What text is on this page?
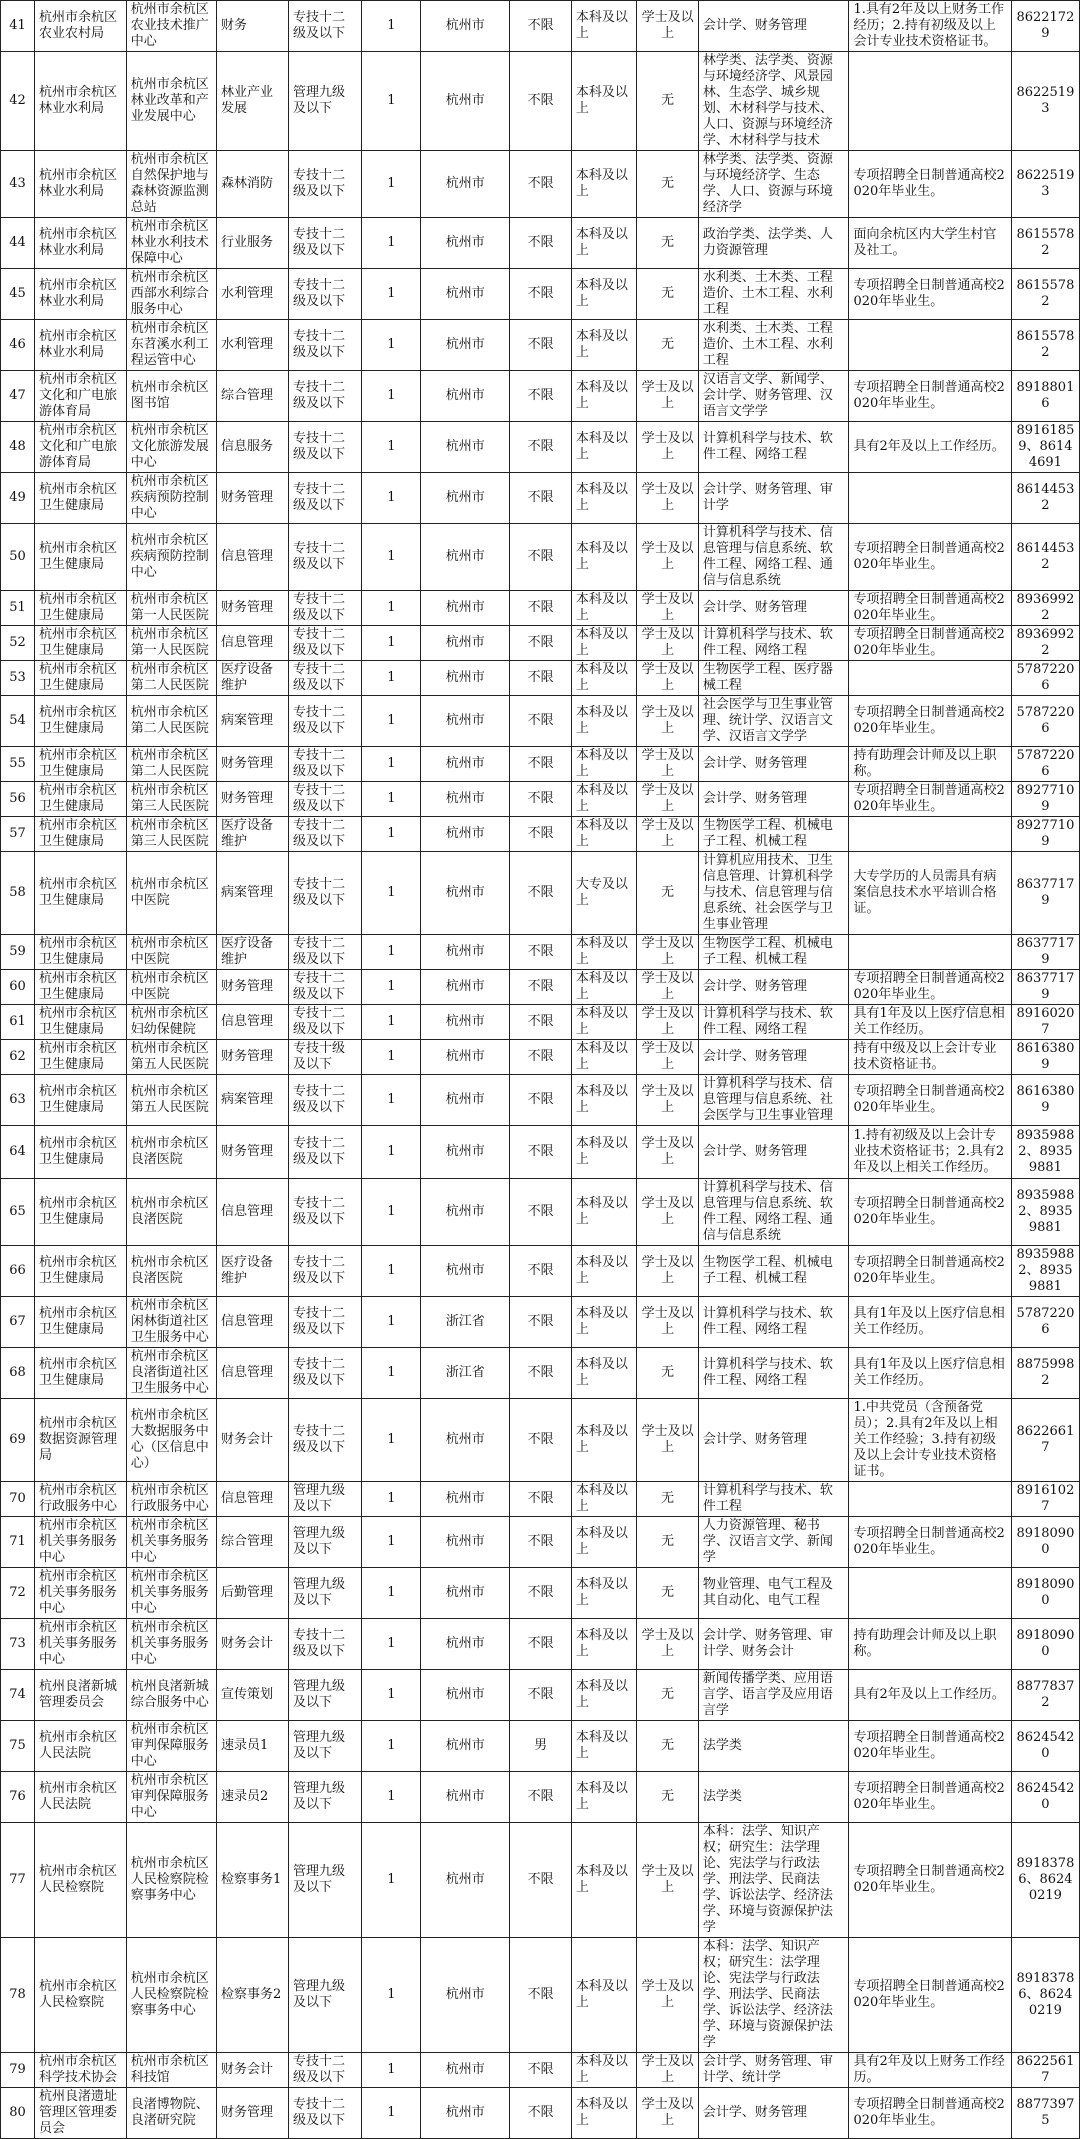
41	杭州市余杭区农业农村局	杭州市余杭区农业技术推广中心	财务	专技十二级及以下	1	杭州市	不限	本科及以上	学士及以上	会计学、财务管理	1.具有2年及以上财务工作经历；2.持有初级及以上会计专业技术资格证书。	86221729
42	杭州市余杭区林业水利局	杭州市余杭区林业改革和产业发展中心	林业产业发展	管理九级及以下	1	杭州市	不限	本科及以上	无	林学类、法学类、资源与环境经济学、风景园林、生态学、城乡规划、木材科学与技术、人口、资源与环境经济学、木材科学与技术		86225193
43	杭州市余杭区林业水利局	杭州市余杭区自然保护地与森林资源监测总站	森林消防	专技十二级及以下	1	杭州市	不限	本科及以上	无	林学类、法学类、资源与环境经济学、生态学、人口、资源与环境经济学	专项招聘全日制普通高校2020年毕业生。	86225193
44	杭州市余杭区林业水利局	杭州市余杭区林业水利技术保障中心	行业服务	专技十二级及以下	1	杭州市	不限	本科及以上	无	政治学类、法学类、人力资源管理	面向余杭区内大学生村官及社工。	86155782
45	杭州市余杭区林业水利局	杭州市余杭区西部水利综合服务中心	水利管理	专技十二级及以下	1	杭州市	不限	本科及以上	无	水利类、土木类、工程造价、土木工程、水利工程	专项招聘全日制普通高校2020年毕业生。	86155782
46	杭州市余杭区林业水利局	杭州市余杭区东苕溪水利工程运管中心	水利管理	专技十二级及以下	1	杭州市	不限	本科及以上	无	水利类、土木类、工程造价、土木工程、水利工程		86155782
47	杭州市余杭区文化和广电旅游体育局	杭州市余杭区图书馆	综合管理	专技十二级及以下	1	杭州市	不限	本科及以上	学士及以上	汉语言文学、新闻学、会计学、财务管理、汉语言文学学	专项招聘全日制普通高校2020年毕业生。	89188016
48	杭州市余杭区文化和广电旅游体育局	杭州市余杭区文化旅游发展中心	信息服务	专技十二级及以下	1	杭州市	不限	本科及以上	学士及以上	计算机科学与技术、软件工程、网络工程	具有2年及以上工作经历。	89161859、86144691
49	杭州市余杭区卫生健康局	杭州市余杭区疾病预防控制中心	财务管理	专技十二级及以下	1	杭州市	不限	本科及以上	学士及以上	会计学、财务管理、审计学		86144532
50	杭州市余杭区卫生健康局	杭州市余杭区疾病预防控制中心	信息管理	专技十二级及以下	1	杭州市	不限	本科及以上	学士及以上	计算机科学与技术、信息管理与信息系统、软件工程、网络工程、通信与信息系统	专项招聘全日制普通高校2020年毕业生。	86144532
51	杭州市余杭区卫生健康局	杭州市余杭区第一人民医院	财务管理	专技十二级及以下	1	杭州市	不限	本科及以上	学士及以上	会计学、财务管理	专项招聘全日制普通高校2020年毕业生。	89369922
52	杭州市余杭区卫生健康局	杭州市余杭区第一人民医院	信息管理	专技十二级及以下	1	杭州市	不限	本科及以上	学士及以上	计算机科学与技术、软件工程、网络工程	专项招聘全日制普通高校2020年毕业生。	89369922
53	杭州市余杭区卫生健康局	杭州市余杭区第二人民医院	医疗设备维护	专技十二级及以下	1	杭州市	不限	本科及以上	学士及以上	生物医学工程、医疗器械工程		57872206
54	杭州市余杭区卫生健康局	杭州市余杭区第二人民医院	病案管理	专技十二级及以下	1	杭州市	不限	本科及以上	学士及以上	社会医学与卫生事业管理、统计学、汉语言文学、汉语言文学学	专项招聘全日制普通高校2020年毕业生。	57872206
55	杭州市余杭区卫生健康局	杭州市余杭区第二人民医院	财务管理	专技十二级及以下	1	杭州市	不限	本科及以上	学士及以上	会计学、财务管理	持有助理会计师及以上职称。	57872206
56	杭州市余杭区卫生健康局	杭州市余杭区第三人民医院	财务管理	专技十二级及以下	1	杭州市	不限	本科及以上	学士及以上	会计学、财务管理	专项招聘全日制普通高校2020年毕业生。	89277109
57	杭州市余杭区卫生健康局	杭州市余杭区第三人民医院	医疗设备维护	专技十二级及以下	1	杭州市	不限	本科及以上	学士及以上	生物医学工程、机械电子工程、机械工程		89277109
58	杭州市余杭区卫生健康局	杭州市余杭区中医院	病案管理	专技十二级及以下	1	杭州市	不限	大专及以上	无	计算机应用技术、卫生信息管理、计算机科学与技术、信息管理与信息系统、社会医学与卫生事业管理	大专学历的人员需具有病案信息技术水平培训合格证。	86377179
59	杭州市余杭区卫生健康局	杭州市余杭区中医院	医疗设备维护	专技十二级及以下	1	杭州市	不限	本科及以上	学士及以上	生物医学工程、机械电子工程、机械工程		86377179
60	杭州市余杭区卫生健康局	杭州市余杭区中医院	财务管理	专技十二级及以下	1	杭州市	不限	本科及以上	学士及以上	会计学、财务管理	专项招聘全日制普通高校2020年毕业生。	86377179
61	杭州市余杭区卫生健康局	杭州市余杭区妇幼保健院	信息管理	专技十二级及以下	1	杭州市	不限	本科及以上	学士及以上	计算机科学与技术、软件工程、网络工程	具有1年及以上医疗信息相关工作经历。	89160207
62	杭州市余杭区卫生健康局	杭州市余杭区第五人民医院	财务管理	专技十级及以下	1	杭州市	不限	本科及以上	学士及以上	会计学、财务管理	持有中级及以上会计专业技术资格证书。	86163809
63	杭州市余杭区卫生健康局	杭州市余杭区第五人民医院	病案管理	专技十二级及以下	1	杭州市	不限	本科及以上	学士及以上	计算机科学与技术、信息管理与信息系统、社会医学与卫生事业管理	专项招聘全日制普通高校2020年毕业生。	86163809
64	杭州市余杭区卫生健康局	杭州市余杭区良渚医院	财务管理	专技十二级及以下	1	杭州市	不限	本科及以上	学士及以上	会计学、财务管理	1.持有初级及以上会计专业技术资格证书；2.具有2年及以上相关工作经历。	89359882、89359881
65	杭州市余杭区卫生健康局	杭州市余杭区良渚医院	信息管理	专技十二级及以下	1	杭州市	不限	本科及以上	学士及以上	计算机科学与技术、信息管理与信息系统、软件工程、网络工程、通信与信息系统	专项招聘全日制普通高校2020年毕业生。	89359882、89359881
66	杭州市余杭区卫生健康局	杭州市余杭区良渚医院	医疗设备维护	专技十二级及以下	1	杭州市	不限	本科及以上	学士及以上	生物医学工程、机械电子工程、机械工程	专项招聘全日制普通高校2020年毕业生。	89359882、89359881
67	杭州市余杭区卫生健康局	杭州市余杭区闲林街道社区卫生服务中心	信息管理	专技十二级及以下	1	浙江省	不限	本科及以上	学士及以上	计算机科学与技术、软件工程、网络工程	具有1年及以上医疗信息相关工作经历。	57872206
68	杭州市余杭区卫生健康局	杭州市余杭区良渚街道社区卫生服务中心	信息管理	专技十二级及以下	1	浙江省	不限	本科及以上	无	计算机科学与技术、软件工程、网络工程	具有1年及以上医疗信息相关工作经历。	88759982
69	杭州市余杭区数据资源管理局	杭州市余杭区大数据服务中心（区信息中心）	财务会计	专技十二级及以下	1	杭州市	不限	本科及以上	学士及以上	会计学、财务管理	1.中共党员（含预备党员）；2.具有2年及以上相关工作经验；3.持有初级及以上会计专业技术资格证书。	86226617
70	杭州市余杭区行政服务中心	杭州市余杭区行政服务中心	信息管理	管理九级及以下	1	杭州市	不限	本科及以上	无	计算机科学与技术、软件工程		89161027
71	杭州市余杭区机关事务服务中心	杭州市余杭区机关事务服务中心	综合管理	管理九级及以下	1	杭州市	不限	本科及以上	无	人力资源管理、秘书学、汉语言文学、新闻学	专项招聘全日制普通高校2020年毕业生。	89180900
72	杭州市余杭区机关事务服务中心	杭州市余杭区机关事务服务中心	后勤管理	管理九级及以下	1	杭州市	不限	本科及以上	无	物业管理、电气工程及其自动化、电气工程		89180900
73	杭州市余杭区机关事务服务中心	杭州市余杭区机关事务服务中心	财务会计	专技十二级及以下	1	杭州市	不限	本科及以上	学士及以上	会计学、财务管理、审计学、财务会计	持有助理会计师及以上职称。	89180900
74	杭州良渚新城管理委员会	杭州良渚新城综合服务中心	宣传策划	管理九级及以下	1	杭州市	不限	本科及以上	无	新闻传播学类、应用语言学、语言学及应用语言学	具有2年及以上工作经历。	88778372
75	杭州市余杭区人民法院	杭州市余杭区审判保障服务中心	速录员1	管理九级及以下	1	杭州市	男	本科及以上	无	法学类	专项招聘全日制普通高校2020年毕业生。	86245420
76	杭州市余杭区人民法院	杭州市余杭区审判保障服务中心	速录员2	管理九级及以下	1	杭州市	不限	本科及以上	无	法学类	专项招聘全日制普通高校2020年毕业生。	86245420
77	杭州市余杭区人民检察院	杭州市余杭区人民检察院检察事务中心	检察事务1	管理九级及以下	1	杭州市	不限	本科及以上	学士及以上	本科：法学、知识产权；研究生：法学理论、宪法学与行政法学、刑法学、民商法学、诉讼法学、经济法学、环境与资源保护法学	专项招聘全日制普通高校2020年毕业生。	89183786、86240219
78	杭州市余杭区人民检察院	杭州市余杭区人民检察院检察事务中心	检察事务2	管理九级及以下	1	杭州市	不限	本科及以上	学士及以上	本科：法学、知识产权；研究生：法学理论、宪法学与行政法学、刑法学、民商法学、诉讼法学、经济法学、环境与资源保护法学	专项招聘全日制普通高校2020年毕业生。	89183786、86240219
79	杭州市余杭区科学技术协会	杭州市余杭区科技馆	财务会计	专技十二级及以下	1	杭州市	不限	本科及以上	学士及以上	会计学、财务管理、审计学、统计学	具有2年及以上财务工作经历。	86225617
80	杭州良渚遗址管理区管理委员会	良渚博物院、良渚研究院	财务管理	专技十二级及以下	1	杭州市	不限	本科及以上	学士及以上	会计学、财务管理	专项招聘全日制普通高校2020年毕业生。	88773975
